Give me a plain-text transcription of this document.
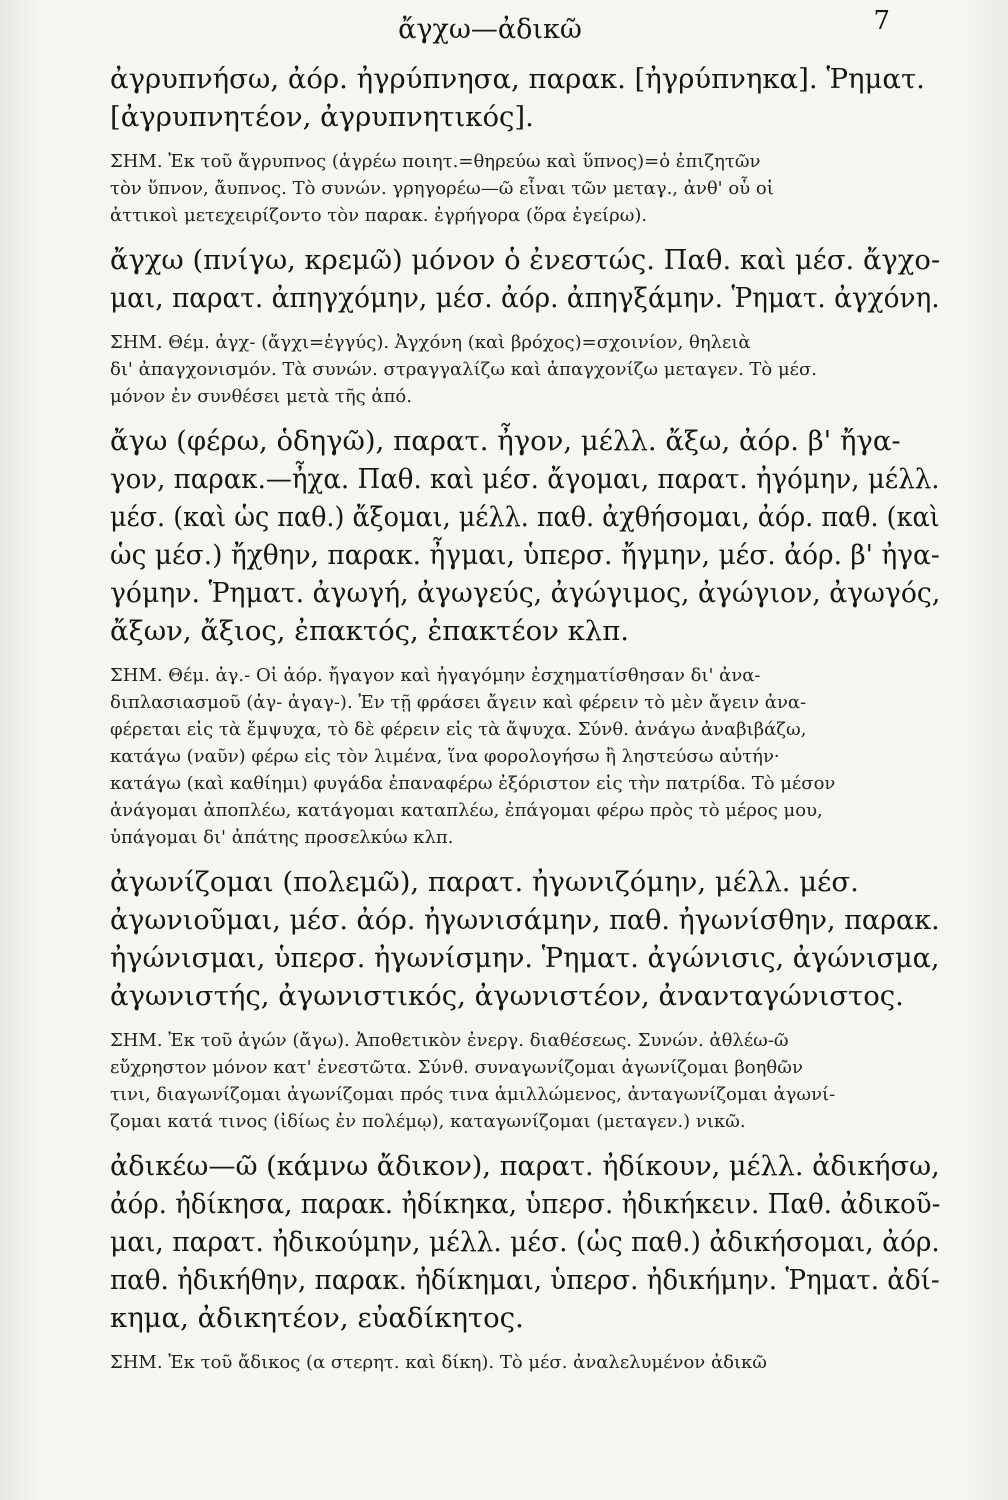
ἄγχω—ἀδικῶ	7
ἀγρυπνήσω, ἀόρ. ἠγρύπνησα, παρακ. [ἠγρύπνηκα]. Ῥηματ.
[ἀγρυπνητέον, ἀγρυπνητικός].
ΣΗΜ. Ἐκ τοῦ ἄγρυπνος (ἀγρέω ποιητ.=θηρεύω καὶ ὕπνος)=ὁ ἐπιζητῶν
τὸν ὕπνον, ἄυπνος. Τὸ συνών. γρηγορέω—ῶ εἶναι τῶν μεταγ., ἀνθ' οὗ οἱ
ἀττικοὶ μετεχειρίζοντο τὸν παρακ. ἐγρήγορα (ὅρα ἐγείρω).
ἄγχω (πνίγω, κρεμῶ) μόνον ὁ ἐνεστώς. Παθ. καὶ μέσ. ἄγχο-
μαι, παρατ. ἀπηγχόμην, μέσ. ἀόρ. ἀπηγξάμην. Ῥηματ. ἀγχόνη.
ΣΗΜ. Θέμ. ἀγχ- (ἄγχι=ἐγγύς). Ἀγχόνη (καὶ βρόχος)=σχοινίον, θηλειὰ
δι' ἀπαγχονισμόν. Τὰ συνών. στραγγαλίζω καὶ ἀπαγχονίζω μεταγεν. Τὸ μέσ.
μόνον ἐν συνθέσει μετὰ τῆς ἀπό.
ἄγω (φέρω, ὁδηγῶ), παρατ. ἦγον, μέλλ. ἄξω, ἀόρ. β' ἤγα-
γον, παρακ.—ἦχα. Παθ. καὶ μέσ. ἄγομαι, παρατ. ἠγόμην, μέλλ.
μέσ. (καὶ ὡς παθ.) ἄξομαι, μέλλ. παθ. ἀχθήσομαι, ἀόρ. παθ. (καὶ
ὡς μέσ.) ἤχθην, παρακ. ἦγμαι, ὑπερσ. ἤγμην, μέσ. ἀόρ. β' ἠγα-
γόμην. Ῥηματ. ἀγωγή, ἀγωγεύς, ἀγώγιμος, ἀγώγιον, ἀγωγός,
ἄξων, ἄξιος, ἐπακτός, ἐπακτέον κλπ.
ΣΗΜ. Θέμ. ἀγ.- Οἱ ἀόρ. ἤγαγον καὶ ἠγαγόμην ἐσχηματίσθησαν δι' ἀνα-
διπλασιασμοῦ (ἀγ- ἀγαγ-). Ἐν τῇ φράσει ἄγειν καὶ φέρειν τὸ μὲν ἄγειν ἀνα-
φέρεται εἰς τὰ ἔμψυχα, τὸ δὲ φέρειν εἰς τὰ ἄψυχα. Σύνθ. ἀνάγω ἀναβιβάζω,
κατάγω (ναῦν) φέρω εἰς τὸν λιμένα, ἵνα φορολογήσω ἢ ληστεύσω αὐτήν·
κατάγω (καὶ καθίημι) φυγάδα ἐπαναφέρω ἐξόριστον εἰς τὴν πατρίδα. Τὸ μέσον
ἀνάγομαι ἀποπλέω, κατάγομαι καταπλέω, ἐπάγομαι φέρω πρὸς τὸ μέρος μου,
ὑπάγομαι δι' ἀπάτης προσελκύω κλπ.
ἀγωνίζομαι (πολεμῶ), παρατ. ἠγωνιζόμην, μέλλ. μέσ.
ἀγωνιοῦμαι, μέσ. ἀόρ. ἠγωνισάμην, παθ. ἠγωνίσθην, παρακ.
ἠγώνισμαι, ὑπερσ. ἠγωνίσμην. Ῥηματ. ἀγώνισις, ἀγώνισμα,
ἀγωνιστής, ἀγωνιστικός, ἀγωνιστέον, ἀνανταγώνιστος.
ΣΗΜ. Ἐκ τοῦ ἀγών (ἄγω). Ἀποθετικὸν ἐνεργ. διαθέσεως. Συνών. ἀθλέω-ῶ
εὔχρηστον μόνον κατ' ἐνεστῶτα. Σύνθ. συναγωνίζομαι ἀγωνίζομαι βοηθῶν
τινι, διαγωνίζομαι ἀγωνίζομαι πρός τινα ἁμιλλώμενος, ἀνταγωνίζομαι ἀγωνί-
ζομαι κατά τινος (ἰδίως ἐν πολέμῳ), καταγωνίζομαι (μεταγεν.) νικῶ.
ἀδικέω—ῶ (κάμνω ἄδικον), παρατ. ἠδίκουν, μέλλ. ἀδικήσω,
ἀόρ. ἠδίκησα, παρακ. ἠδίκηκα, ὑπερσ. ἠδικήκειν. Παθ. ἀδικοῦ-
μαι, παρατ. ἠδικούμην, μέλλ. μέσ. (ὡς παθ.) ἀδικήσομαι, ἀόρ.
παθ. ἠδικήθην, παρακ. ἠδίκημαι, ὑπερσ. ἠδικήμην. Ῥηματ. ἀδί-
κημα, ἀδικητέον, εὐαδίκητος.
ΣΗΜ. Ἐκ τοῦ ἄδικος (α στερητ. καὶ δίκη). Τὸ μέσ. ἀναλελυμένον ἀδικῶ
